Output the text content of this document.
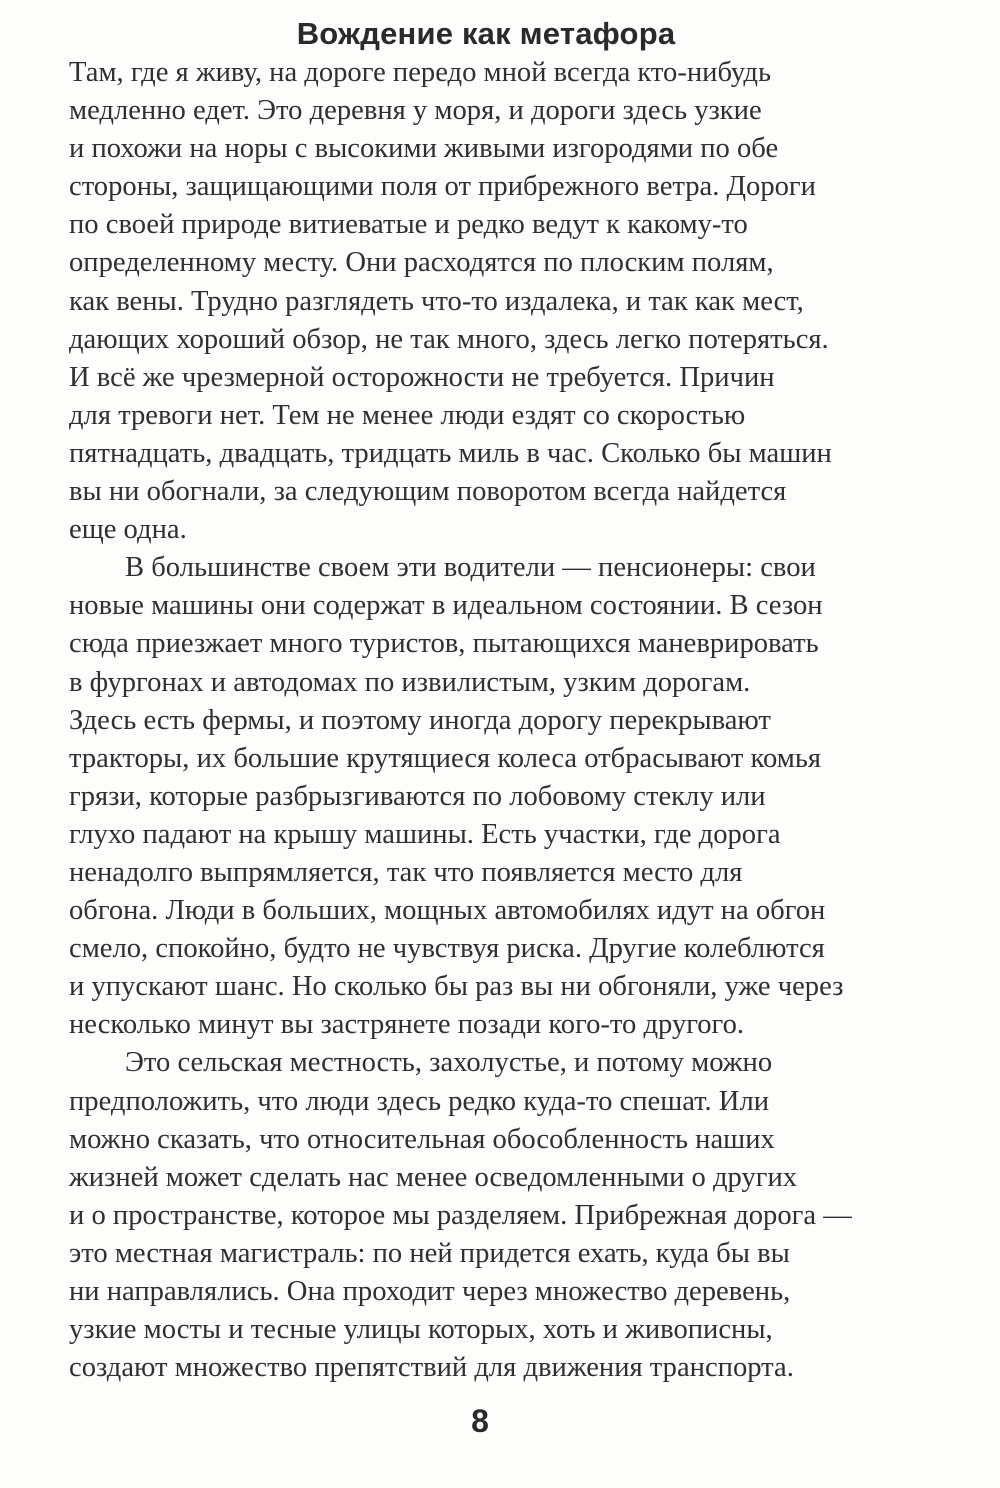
Вождение как метафора
Там, где я живу, на дороге передо мной всегда кто-нибудь
медленно едет. Это деревня у моря, и дороги здесь узкие
и похожи на норы с высокими живыми изгородями по обе
стороны, защищающими поля от прибрежного ветра. Дороги
по своей природе витиеватые и редко ведут к какому-то
определенному месту. Они расходятся по плоским полям,
как вены. Трудно разглядеть что-то издалека, и так как мест,
дающих хороший обзор, не так много, здесь легко потеряться.
И всё же чрезмерной осторожности не требуется. Причин
для тревоги нет. Тем не менее люди ездят со скоростью
пятнадцать, двадцать, тридцать миль в час. Сколько бы машин
вы ни обогнали, за следующим поворотом всегда найдется
еще одна.
В большинстве своем эти водители — пенсионеры: свои
новые машины они содержат в идеальном состоянии. В сезон
сюда приезжает много туристов, пытающихся маневрировать
в фургонах и автодомах по извилистым, узким дорогам.
Здесь есть фермы, и поэтому иногда дорогу перекрывают
тракторы, их большие крутящиеся колеса отбрасывают комья
грязи, которые разбрызгиваются по лобовому стеклу или
глухо падают на крышу машины. Есть участки, где дорога
ненадолго выпрямляется, так что появляется место для
обгона. Люди в больших, мощных автомобилях идут на обгон
смело, спокойно, будто не чувствуя риска. Другие колеблются
и упускают шанс. Но сколько бы раз вы ни обгоняли, уже через
несколько минут вы застрянете позади кого-то другого.
Это сельская местность, захолустье, и потому можно
предположить, что люди здесь редко куда-то спешат. Или
можно сказать, что относительная обособленность наших
жизней может сделать нас менее осведомленными о других
и о пространстве, которое мы разделяем. Прибрежная дорога —
это местная магистраль: по ней придется ехать, куда бы вы
ни направлялись. Она проходит через множество деревень,
узкие мосты и тесные улицы которых, хоть и живописны,
создают множество препятствий для движения транспорта.
8
